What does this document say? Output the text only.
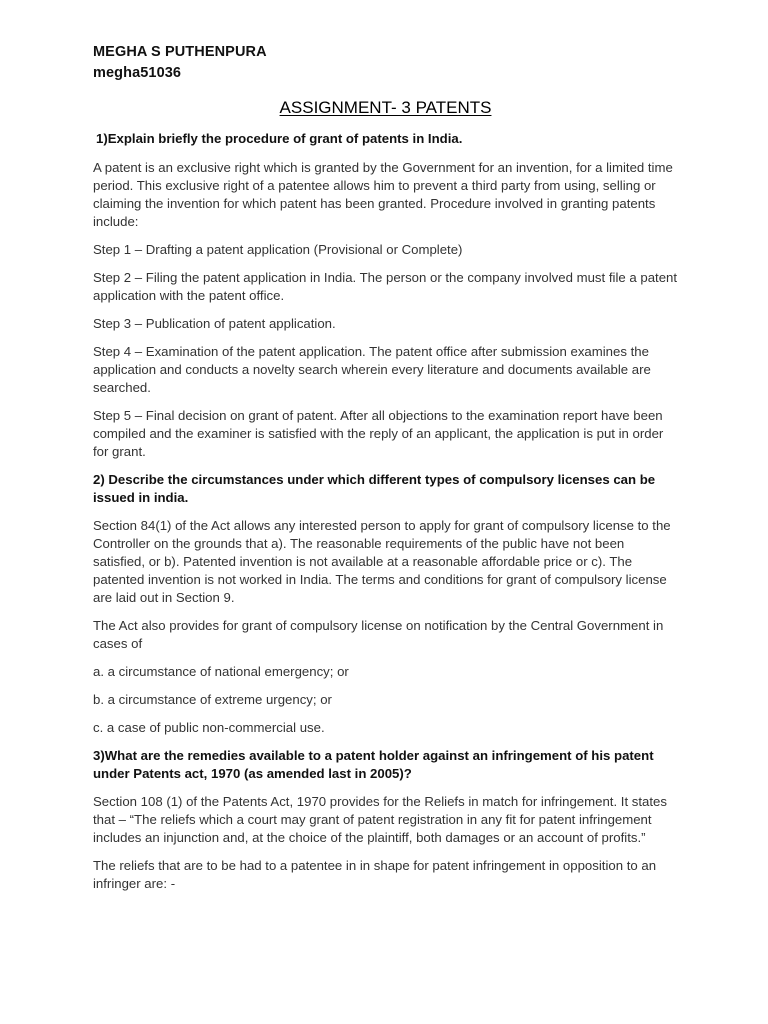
MEGHA S PUTHENPURA

megha51036

ASSIGNMENT- 3 PATENTS

1)Explain briefly the procedure of grant of patents in India.

A patent is an exclusive right which is granted by the Government for an invention, for a limited time period. This exclusive right of a patentee allows him to prevent a third party from using, selling or claiming the invention for which patent has been granted. Procedure involved in granting patents include:

Step 1 – Drafting a patent application (Provisional or Complete)

Step 2 – Filing the patent application in India. The person or the company involved must file a patent application with the patent office.

Step 3 – Publication of patent application.

Step 4 – Examination of the patent application. The patent office after submission examines the application and conducts a novelty search wherein every literature and documents available are searched.

Step 5 – Final decision on grant of patent. After all objections to the examination report have been compiled and the examiner is satisfied with the reply of an applicant, the application is put in order for grant.

2) Describe the circumstances under which different types of compulsory licenses can be issued in india.

Section 84(1) of the Act allows any interested person to apply for grant of compulsory license to the Controller on the grounds that a). The reasonable requirements of the public have not been satisfied, or b). Patented invention is not available at a reasonable affordable price or c). The patented invention is not worked in India. The terms and conditions for grant of compulsory license are laid out in Section 9.

The Act also provides for grant of compulsory license on notification by the Central Government in cases of

a. a circumstance of national emergency; or

b. a circumstance of extreme urgency; or

c. a case of public non-commercial use.

3)What are the remedies available to a patent holder against an infringement of his patent under Patents act, 1970 (as amended last in 2005)?

Section 108 (1) of the Patents Act, 1970 provides for the Reliefs in match for infringement. It states that – “The reliefs which a court may grant of patent registration in any fit for patent infringement includes an injunction and, at the choice of the plaintiff, both damages or an account of profits.”

The reliefs that are to be had to a patentee in in shape for patent infringement in opposition to an infringer are: -
